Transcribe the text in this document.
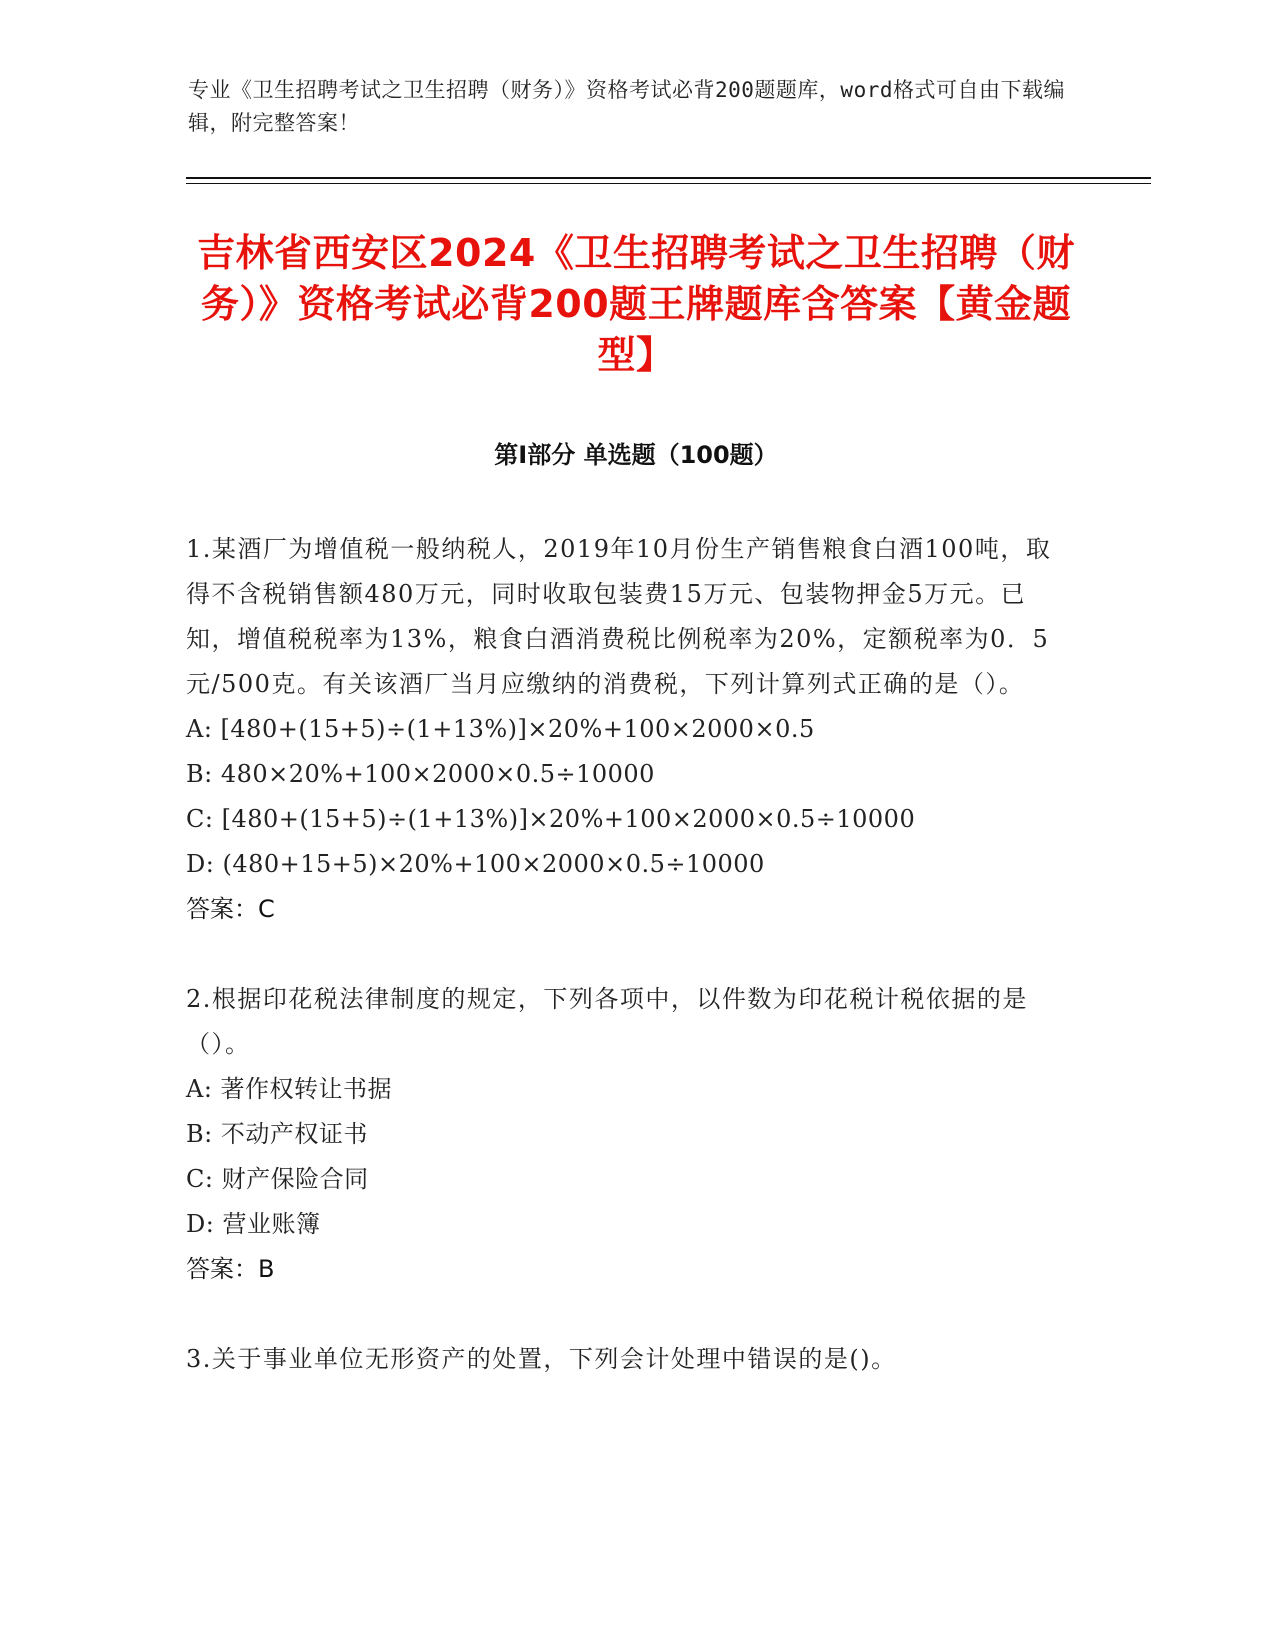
专业《卫生招聘考试之卫生招聘（财务）》资格考试必背200题题库，word格式可自由下载编辑，附完整答案！
吉林省西安区2024《卫生招聘考试之卫生招聘（财务）》资格考试必背200题王牌题库含答案【黄金题型】
第Ⅰ部分 单选题（100题）
1.某酒厂为增值税一般纳税人，2019年10月份生产销售粮食白酒100吨，取得不含税销售额480万元，同时收取包装费15万元、包装物押金5万元。已知，增值税税率为13%，粮食白酒消费税比例税率为20%，定额税率为0．5元/500克。有关该酒厂当月应缴纳的消费税，下列计算列式正确的是（）。
A: [480+(15+5)÷(1+13%)]×20%+100×2000×0.5
B: 480×20%+100×2000×0.5÷10000
C: [480+(15+5)÷(1+13%)]×20%+100×2000×0.5÷10000
D: (480+15+5)×20%+100×2000×0.5÷10000
答案：C
2.根据印花税法律制度的规定，下列各项中，以件数为印花税计税依据的是（）。
A: 著作权转让书据
B: 不动产权证书
C: 财产保险合同
D: 营业账簿
答案：B
3.关于事业单位无形资产的处置，下列会计处理中错误的是()。
